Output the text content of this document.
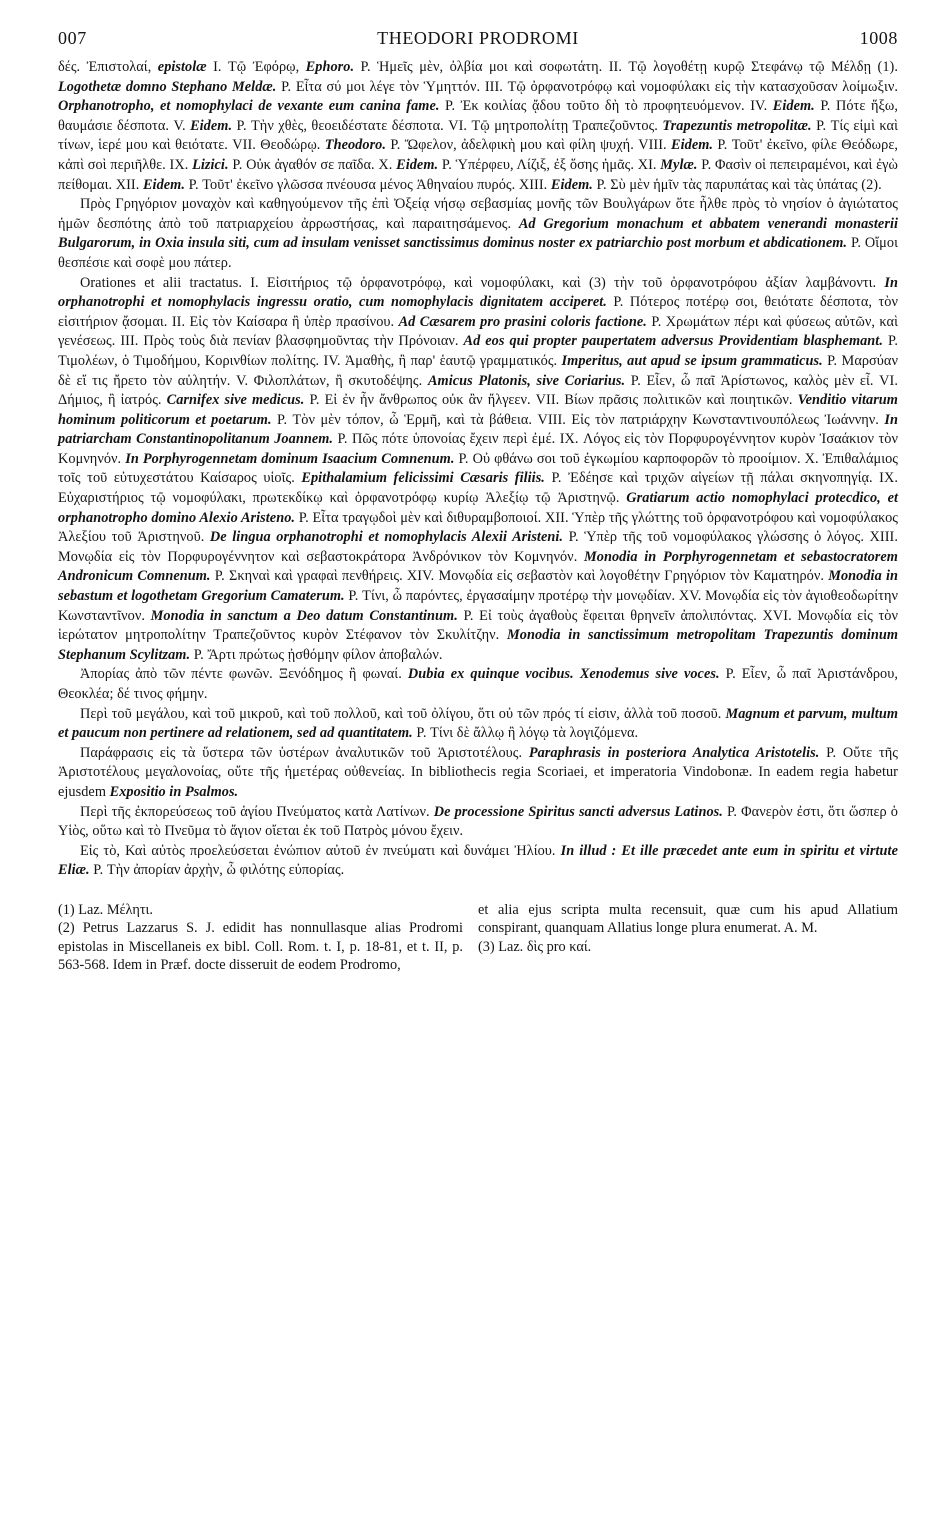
007	THEODORI PRODROMI	1008

δές. Ἐπιστολαί, epistolæ I. Τῷ Ἐφόρῳ, Ephoro. P. Ἡμεῖς μὲν, ὀλβία μοι καὶ σοφωτάτη. II. Τῷ λογοθέτῃ κυρῷ Στεφάνῳ τῷ Μέλδῃ (1). Logothetæ domno Stephano Meldæ. P. Εἶτα σύ μοι λέγε τὸν Ὑμηττόν. III. Τῷ ὀρφανοτρόφῳ καὶ νομοφύλακι εἰς τὴν κατασχοῦσαν λοίμωξιν. Orphanotropho, et nomophylaci de vexante eum canina fame. P. Ἐκ κοιλίας ᾄδου τοῦτο δὴ τὸ προφητευόμενον. IV. Eidem. P. Πότε ἥξω, θαυμάσιε δέσποτα. V. Eidem. P. Τὴν χθὲς, θεοειδέστατε δέσποτα. VI. Τῷ μητροπολίτῃ Τραπεζοῦντος. Trapezuntis metropolitæ. P. Τίς εἰμὶ καὶ τίνων, ἱερέ μου καὶ θειότατε. VII. Θεοδώρῳ. Theodoro. P. Ὤφελον, ἀδελφικὴ μου καὶ φίλη ψυχή. VIII. Eidem. P. Τοῦτ' ἐκεῖνο, φίλε Θεόδωρε, κἀπὶ σοὶ περιῆλθε. IX. Lizici. P. Οὐκ ἀγαθόν σε παῖδα. X. Eidem. P. Ὑπέρφευ, Λίζιξ, ἐξ ὅσης ἡμᾶς. XI. Mylæ. P. Φασὶν οἱ πεπειραμένοι, καὶ ἐγὼ πείθομαι. XII. Eidem. P. Τοῦτ' ἐκεῖνο γλῶσσα πνέουσα μένος Ἀθηναίου πυρός. XIII. Eidem. P. Σὺ μὲν ἡμῖν τὰς παρυπάτας καὶ τὰς ὑπάτας (2).

Πρὸς Γρηγόριον μοναχὸν καὶ καθηγούμενον τῆς ἐπὶ Ὀξείᾳ νήσῳ σεβασμίας μονῆς τῶν Βουλγάρων ὅτε ἦλθε πρὸς τὸ νησίον ὁ ἁγιώτατος ἡμῶν δεσπότης ἀπὸ τοῦ πατριαρχείου ἀρρωστήσας, καὶ παραιτησάμενος. Ad Gregorium monachum et abbatem venerandi monasterii Bulgarorum, in Oxia insula siti, cum ad insulam venisset sanctissimus dominus noster ex patriarchio post morbum et abdicationem. P. Οἴμοι θεσπέσιε καὶ σοφὲ μου πάτερ.

Orationes et alii tractatus. I. Εἰσιτήριος τῷ ὀρφανοτρόφῳ, καὶ νομοφύλακι, καὶ (3) τὴν τοῦ ὀρφανοτρόφου ἀξίαν λαμβάνοντι. In orphanotrophi et nomophylacis ingressu oratio, cum nomophylacis dignitatem acciperet. P. Πότερος ποτέρῳ σοι, θειότατε δέσποτα, τὸν εἰσιτήριον ᾄσομαι. II. Εἰς τὸν Καίσαρα ἢ ὑπὲρ πρασίνου. Ad Cæsarem pro prasini coloris factione. P. Χρωμάτων πέρι καὶ φύσεως αὐτῶν, καὶ γενέσεως. III. Πρὸς τοὺς διὰ πενίαν βλασφημοῦντας τὴν Πρόνοιαν. Ad eos qui propter paupertatem adversus Providentiam blasphemant. P. Τιμολέων, ὁ Τιμοδήμου, Κορινθίων πολίτης. IV. Ἀμαθὴς, ἢ παρ' ἑαυτῷ γραμματικός. Imperitus, aut apud se ipsum grammaticus. P. Μαρσύαν δὲ εἴ τις ἤρετο τὸν αὐλητήν. V. Φιλοπλάτων, ἢ σκυτοδέψης. Amicus Platonis, sive Coriarius. P. Εἶεν, ὦ παῖ Ἀρίστωνος, καλὸς μὲν εἶ. VI. Δήμιος, ἢ ἰατρός. Carnifex sive medicus. P. Εἰ ἐν ἦν ἄνθρωπος οὐκ ἂν ἤλγεεν. VII. Βίων πρᾶσις πολιτικῶν καὶ ποιητικῶν. Venditio vitarum hominum politicorum et poetarum. P. Τὸν μὲν τόπον, ὦ Ἑρμῆ, καὶ τὰ βάθεια. VIII. Εἰς τὸν πατριάρχην Κωνσταντινουπόλεως Ἰωάννην. In patriarcham Constantinopolitanum Joannem. P. Πῶς πότε ὑπονοίας ἔχειν περὶ ἐμέ. IX. Λόγος εἰς τὸν Πορφυρογέννητον κυρὸν Ἰσαάκιον τὸν Κομνηνόν. In Porphyrogennetam dominum Isaacium Comnenum. P. Οὐ φθάνω σοι τοῦ ἐγκωμίου καρποφορῶν τὸ προοίμιον. X. Ἐπιθαλάμιος τοῖς τοῦ εὐτυχεστάτου Καίσαρος υἱοῖς. Epithalamium felicissimi Cæsaris filiis. P. Ἐδέησε καὶ τριχῶν αἰγείων τῇ πάλαι σκηνοπηγίᾳ. IX. Εὐχαριστήριος τῷ νομοφύλακι, πρωτεκδίκῳ καὶ ὀρφανοτρόφῳ κυρίῳ Ἀλεξίῳ τῷ Ἀριστηνῷ. Gratiarum actio nomophylaci protecdico, et orphanotropho domino Alexio Aristeno. P. Εἶτα τραγῳδοὶ μὲν καὶ διθυραμβοποιοί. XII. Ὑπὲρ τῆς γλώττης τοῦ ὀρφανοτρόφου καὶ νομοφύλακος Ἀλεξίου τοῦ Ἀριστηνοῦ. De lingua orphanotrophi et nomophylacis Alexii Aristeni. P. Ὑπὲρ τῆς τοῦ νομοφύλακος γλώσσης ὁ λόγος. XIII. Μονῳδία εἰς τὸν Πορφυρογέννητον καὶ σεβαστοκράτορα Ἀνδρόνικον τὸν Κομνηνόν. Monodia in Porphyrogennetam et sebastocratorem Andronicum Comnenum. P. Σκηναὶ καὶ γραφαὶ πενθήρεις. XIV. Μονῳδία εἰς σεβαστὸν καὶ λογοθέτην Γρηγόριον τὸν Καματηρόν. Monodia in sebastum et logothetam Gregorium Camaterum. P. Τίνι, ὦ παρόντες, ἐργασαίμην προτέρῳ τὴν μονῳδίαν. XV. Μονῳδία εἰς τὸν ἁγιοθεοδωρίτην Κωνσταντῖνον. Monodia in sanctum a Deo datum Constantinum. P. Εἰ τοὺς ἀγαθοὺς ἔφειται θρηνεῖν ἀπολιπόντας. XVI. Μονῳδία εἰς τὸν ἱερώτατον μητροπολίτην Τραπεζοῦντος κυρὸν Στέφανον τὸν Σκυλίτζην. Monodia in sanctissimum metropolitam Trapezuntis dominum Stephanum Scylitzam. P. Ἄρτι πρώτως ᾐσθόμην φίλον ἀποβαλών.

Ἀπορίας ἀπὸ τῶν πέντε φωνῶν. Ξενόδημος ἢ φωναί. Dubia ex quinque vocibus. Xenodemus sive voces. P. Εἶεν, ὦ παῖ Ἀριστάνδρου, Θεοκλέα; δέ τινος φήμην.

Περὶ τοῦ μεγάλου, καὶ τοῦ μικροῦ, καὶ τοῦ πολλοῦ, καὶ τοῦ ὀλίγου, ὅτι οὐ τῶν πρός τί εἰσιν, ἀλλὰ τοῦ ποσοῦ. Magnum et parvum, multum et paucum non pertinere ad relationem, sed ad quantitatem. P. Τίνι δὲ ἄλλῳ ἢ λόγῳ τὰ λογιζόμενα.

Παράφρασις εἰς τὰ ὕστερα τῶν ὑστέρων ἀναλυτικῶν τοῦ Ἀριστοτέλους. Paraphrasis in posteriora Analytica Aristotelis. P. Οὔτε τῆς Ἀριστοτέλους μεγαλονοίας, οὔτε τῆς ἡμετέρας οὐθενείας. In bibliothecis regia Scoriaei, et imperatoria Vindobonæ. In eadem regia habetur ejusdem Expositio in Psalmos.

Περὶ τῆς ἐκπορεύσεως τοῦ ἁγίου Πνεύματος κατὰ Λατίνων. De processione Spiritus sancti adversus Latinos. P. Φανερὸν ἐστι, ὅτι ὥσπερ ὁ Υἱὸς, οὕτω καὶ τὸ Πνεῦμα τὸ ἅγιον οἴεται ἐκ τοῦ Πατρὸς μόνου ἔχειν.

Εἰς τὸ, Καὶ αὐτὸς προελεύσεται ἐνώπιον αὐτοῦ ἐν πνεύματι καὶ δυνάμει Ἠλίου. In illud : Et ille præcedet ante eum in spiritu et virtute Eliæ. P. Τὴν ἀπορίαν ἀρχὴν, ὦ φιλότης εὐπορίας.

(1) Laz. Μέλητι.

(2) Petrus Lazzarus S. J. edidit has nonnullasque alias Prodromi epistolas in Miscellaneis ex bibl. Coll. Rom. t. I, p. 18-81, et t. II, p. 563-568. Idem in Præf. docte disseruit de eodem Prodromo,

et alia ejus scripta multa recensuit, quæ cum his apud Allatium conspirant, quanquam Allatius longe plura enumerat. A. M.

(3) Laz. δὶς pro καί.
